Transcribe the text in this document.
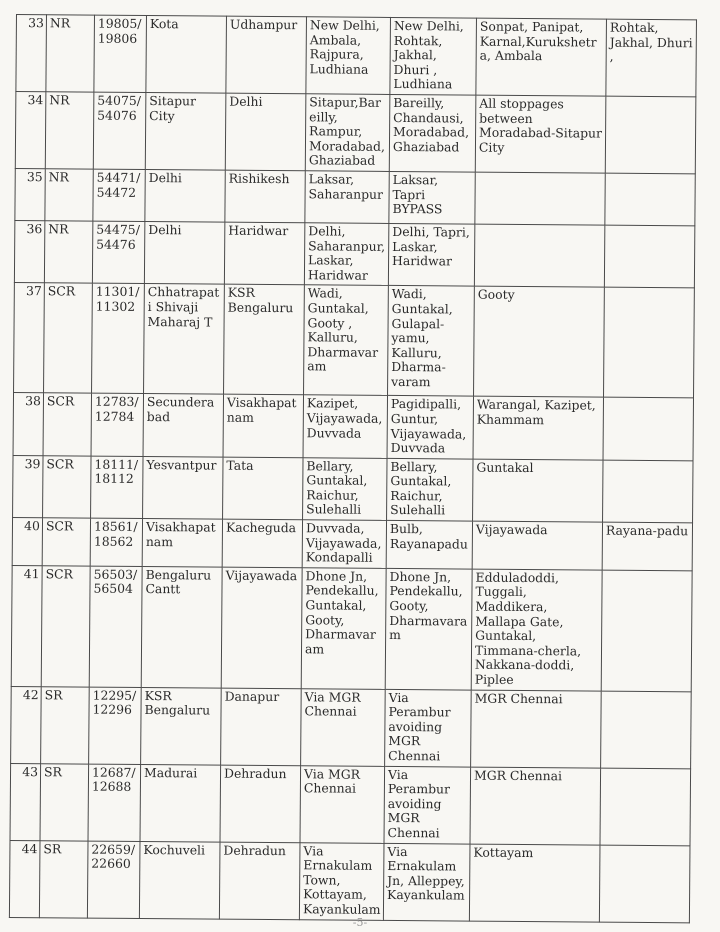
33	NR	19805/ 19806	Kota	Udhampur	New Delhi, Ambala, Rajpura, Ludhiana	New Delhi, Rohtak, Jakhal, Dhuri , Ludhiana	Sonpat, Panipat, Karnal,Kurukshetra, Ambala	Rohtak, Jakhal, Dhuri ,
34	NR	54075/ 54076	Sitapur City	Delhi	Sitapur,Bareilly, Rampur, Moradabad, Ghaziabad	Bareilly, Chandausi, Moradabad, Ghaziabad	All stoppages between Moradabad-Sitapur City	
35	NR	54471/ 54472	Delhi	Rishikesh	Laksar, Saharanpur	Laksar, Tapri BYPASS		
36	NR	54475/ 54476	Delhi	Haridwar	Delhi, Saharanpur, Laskar, Haridwar	Delhi, Tapri, Laskar, Haridwar		
37	SCR	11301/ 11302	Chhatrapati Shivaji Maharaj T	KSR Bengaluru	Wadi, Guntakal, Gooty , Kalluru, Dharmavaram	Wadi, Guntakal, Gulapal-yamu, Kalluru, Dharma-varam	Gooty	
38	SCR	12783/ 12784	Secunderabad	Visakhapatnam	Kazipet, Vijayawada, Duvvada	Pagidipalli, Guntur, Vijayawada, Duvvada	Warangal, Kazipet, Khammam	
39	SCR	18111/ 18112	Yesvantpur	Tata	Bellary, Guntakal, Raichur, Sulehalli	Bellary, Guntakal, Raichur, Sulehalli	Guntakal	
40	SCR	18561/ 18562	Visakhapatnam	Kacheguda	Duvvada, Vijayawada, Kondapalli	Bulb, Rayanapadu	Vijayawada	Rayana-padu
41	SCR	56503/ 56504	Bengaluru Cantt	Vijayawada	Dhone Jn, Pendekallu, Guntakal, Gooty, Dharmavaram	Dhone Jn, Pendekallu, Gooty, Dharmavaram	Edduladoddi, Tuggali, Maddikera, Mallapa Gate, Guntakal, Timmana-cherla, Nakkana-doddi, Piplee	
42	SR	12295/ 12296	KSR Bengaluru	Danapur	Via MGR Chennai	Via Perambur avoiding MGR Chennai	MGR Chennai	
43	SR	12687/ 12688	Madurai	Dehradun	Via MGR Chennai	Via Perambur avoiding MGR Chennai	MGR Chennai	
44	SR	22659/ 22660	Kochuveli	Dehradun	Via Ernakulam Town, Kottayam, Kayankulam	Via Ernakulam Jn, Alleppey, Kayankulam	Kottayam	
-5-
